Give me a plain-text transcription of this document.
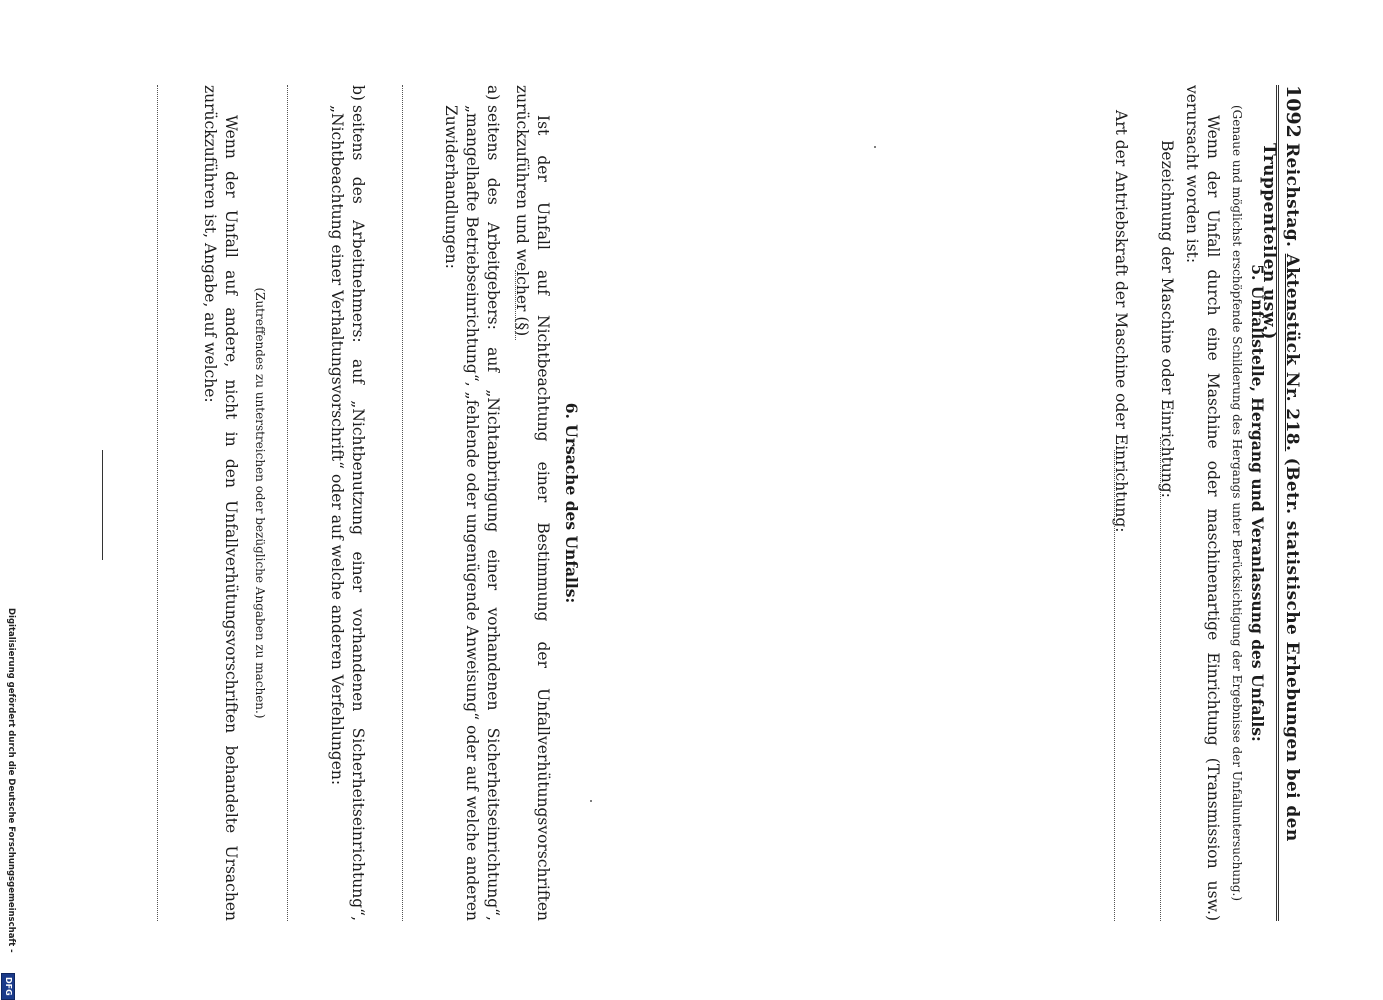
1092
Reichstag. Aktenstück Nr. 218. (Betr. statistische Erhebungen bei den Truppenteilen usw.)
5. Unfallstelle, Hergang und Veranlassung des Unfalls:
(Genaue und möglichst erschöpfende Schilderung des Hergangs unter Berücksichtigung der Ergebnisse der Unfalluntersuchung.)
Wenn der Unfall durch eine Maschine oder maschinenartige Einrichtung (Transmission usw.) verursacht worden ist:
Bezeichnung der Maschine oder Einrichtung:
Art der Antriebskraft der Maschine oder Einrichtung:
6. Ursache des Unfalls:
Ist der Unfall auf Nichtbeachtung einer Bestimmung der Unfallverhütungsvorschriften zurückzuführen und welcher (§)
a)
seitens des Arbeitgebers: auf „Nichtanbringung einer vorhandenen Sicherheitseinrichtung“, „mangelhafte Betriebseinrichtung“, „fehlende oder ungenügende Anweisung“ oder auf welche anderen Zuwiderhandlungen:
b)
seitens des Arbeitnehmers: auf „Nichtbenutzung einer vorhandenen Sicherheitseinrichtung“, „Nichtbeachtung einer Verhaltungsvorschrift“ oder auf welche anderen Verfehlungen:
(Zutreffendes zu unterstreichen oder bezügliche Angaben zu machen.)
Wenn der Unfall auf andere, nicht in den Unfallverhütungsvorschriften behandelte Ursachen zurückzuführen ist, Angabe, auf welche:
Digitalisierung gefördert durch die Deutsche Forschungsgemeinschaft -
DFG
